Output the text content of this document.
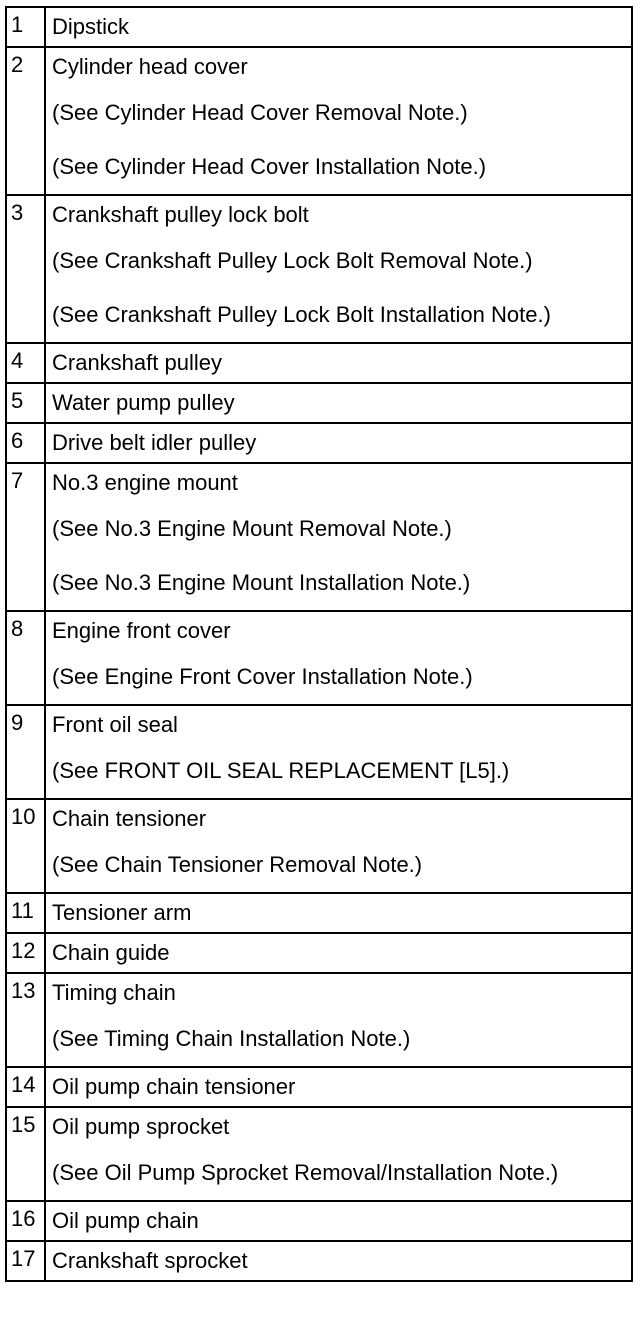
1	Dipstick

2	Cylinder head cover
(See Cylinder Head Cover Removal Note.)
(See Cylinder Head Cover Installation Note.)

3	Crankshaft pulley lock bolt
(See Crankshaft Pulley Lock Bolt Removal Note.)
(See Crankshaft Pulley Lock Bolt Installation Note.)

4	Crankshaft pulley

5	Water pump pulley

6	Drive belt idler pulley

7	No.3 engine mount
(See No.3 Engine Mount Removal Note.)
(See No.3 Engine Mount Installation Note.)

8	Engine front cover
(See Engine Front Cover Installation Note.)

9	Front oil seal
(See FRONT OIL SEAL REPLACEMENT [L5].)

10	Chain tensioner
(See Chain Tensioner Removal Note.)

11	Tensioner arm

12	Chain guide

13	Timing chain
(See Timing Chain Installation Note.)

14	Oil pump chain tensioner

15	Oil pump sprocket
(See Oil Pump Sprocket Removal/Installation Note.)

16	Oil pump chain

17	Crankshaft sprocket
